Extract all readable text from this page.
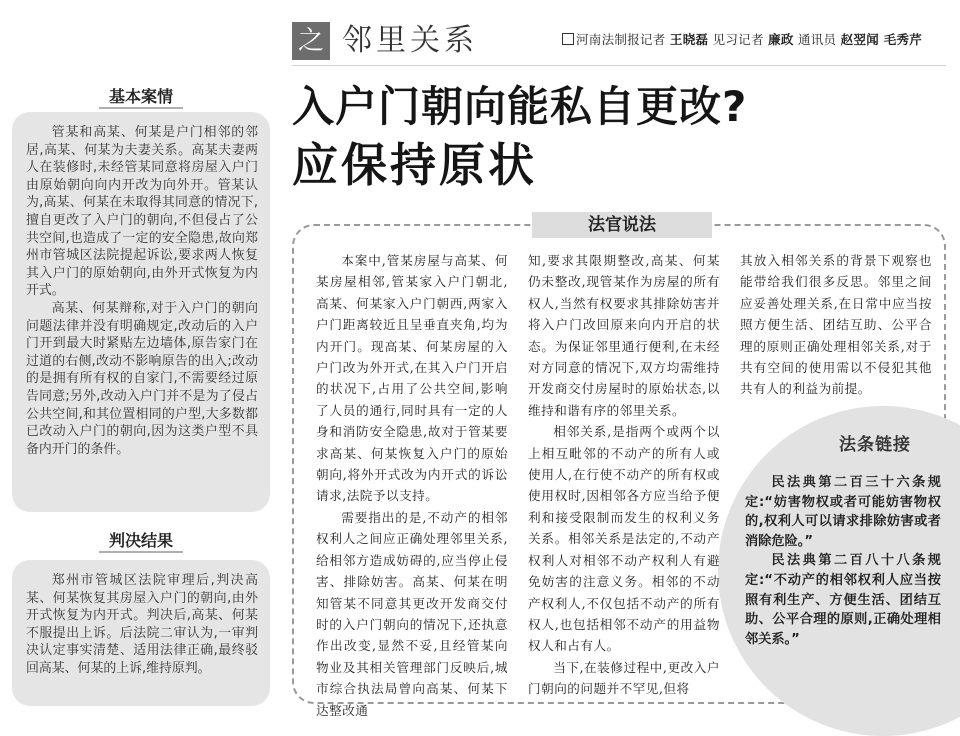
之 邻里关系	河南法制报记者 王晓磊 见习记者 廉政 通讯员 赵翌闻 毛秀芹
入户门朝向能私自更改?
应保持原状
基本案情

管某和高某、何某是户门相邻的邻居,高某、何某为夫妻关系。高某夫妻两人在装修时,未经管某同意将房屋入户门由原始朝向向内开改为向外开。管某认为,高某、何某在未取得其同意的情况下,擅自更改了入户门的朝向,不但侵占了公共空间,也造成了一定的安全隐患,故向郑州市管城区法院提起诉讼,要求两人恢复其入户门的原始朝向,由外开式恢复为内开式。

高某、何某辩称,对于入户门的朝向问题法律并没有明确规定,改动后的入户门开到最大时紧贴左边墙体,原告家门在过道的右侧,改动不影响原告的出入;改动的是拥有所有权的自家门,不需要经过原告同意;另外,改动入户门并不是为了侵占公共空间,和其位置相同的户型,大多数都已改动入户门的朝向,因为这类户型不具备内开门的条件。

判决结果

郑州市管城区法院审理后,判决高某、何某恢复其房屋入户门的朝向,由外开式恢复为内开式。判决后,高某、何某不服提出上诉。后法院二审认为,一审判决认定事实清楚、适用法律正确,最终驳回高某、何某的上诉,维持原判。

法官说法

本案中,管某房屋与高某、何某房屋相邻,管某家入户门朝北,高某、何某家入户门朝西,两家入户门距离较近且呈垂直夹角,均为内开门。现高某、何某房屋的入户门改为外开式,在其入户门开启的状况下,占用了公共空间,影响了人员的通行,同时具有一定的人身和消防安全隐患,故对于管某要求高某、何某恢复入户门的原始朝向,将外开式改为内开式的诉讼请求,法院予以支持。

需要指出的是,不动产的相邻权利人之间应正确处理邻里关系,给相邻方造成妨碍的,应当停止侵害、排除妨害。高某、何某在明知管某不同意其更改开发商交付时的入户门朝向的情况下,还执意作出改变,显然不妥,且经管某向物业及其相关管理部门反映后,城市综合执法局曾向高某、何某下达整改通

知,要求其限期整改,高某、何某仍未整改,现管某作为房屋的所有权人,当然有权要求其排除妨害并将入户门改回原来向内开启的状态。为保证邻里通行便利,在未经对方同意的情况下,双方均需维持开发商交付房屋时的原始状态,以维持和谐有序的邻里关系。

相邻关系,是指两个或两个以上相互毗邻的不动产的所有人或使用人,在行使不动产的所有权或使用权时,因相邻各方应当给予便利和接受限制而发生的权利义务关系。相邻关系是法定的,不动产权利人对相邻不动产权利人有避免妨害的注意义务。相邻的不动产权利人,不仅包括不动产的所有权人,也包括相邻不动产的用益物权人和占有人。

当下,在装修过程中,更改入户门朝向的问题并不罕见,但将

其放入相邻关系的背景下观察也能带给我们很多反思。邻里之间应妥善处理关系,在日常中应当按照方便生活、团结互助、公平合理的原则正确处理相邻关系,对于共有空间的使用需以不侵犯其他共有人的利益为前提。

法条链接

民法典第二百三十六条规定:“妨害物权或者可能妨害物权的,权利人可以请求排除妨害或者消除危险。”

民法典第二百八十八条规定:“不动产的相邻权利人应当按照有利生产、方便生活、团结互助、公平合理的原则,正确处理相邻关系。”
